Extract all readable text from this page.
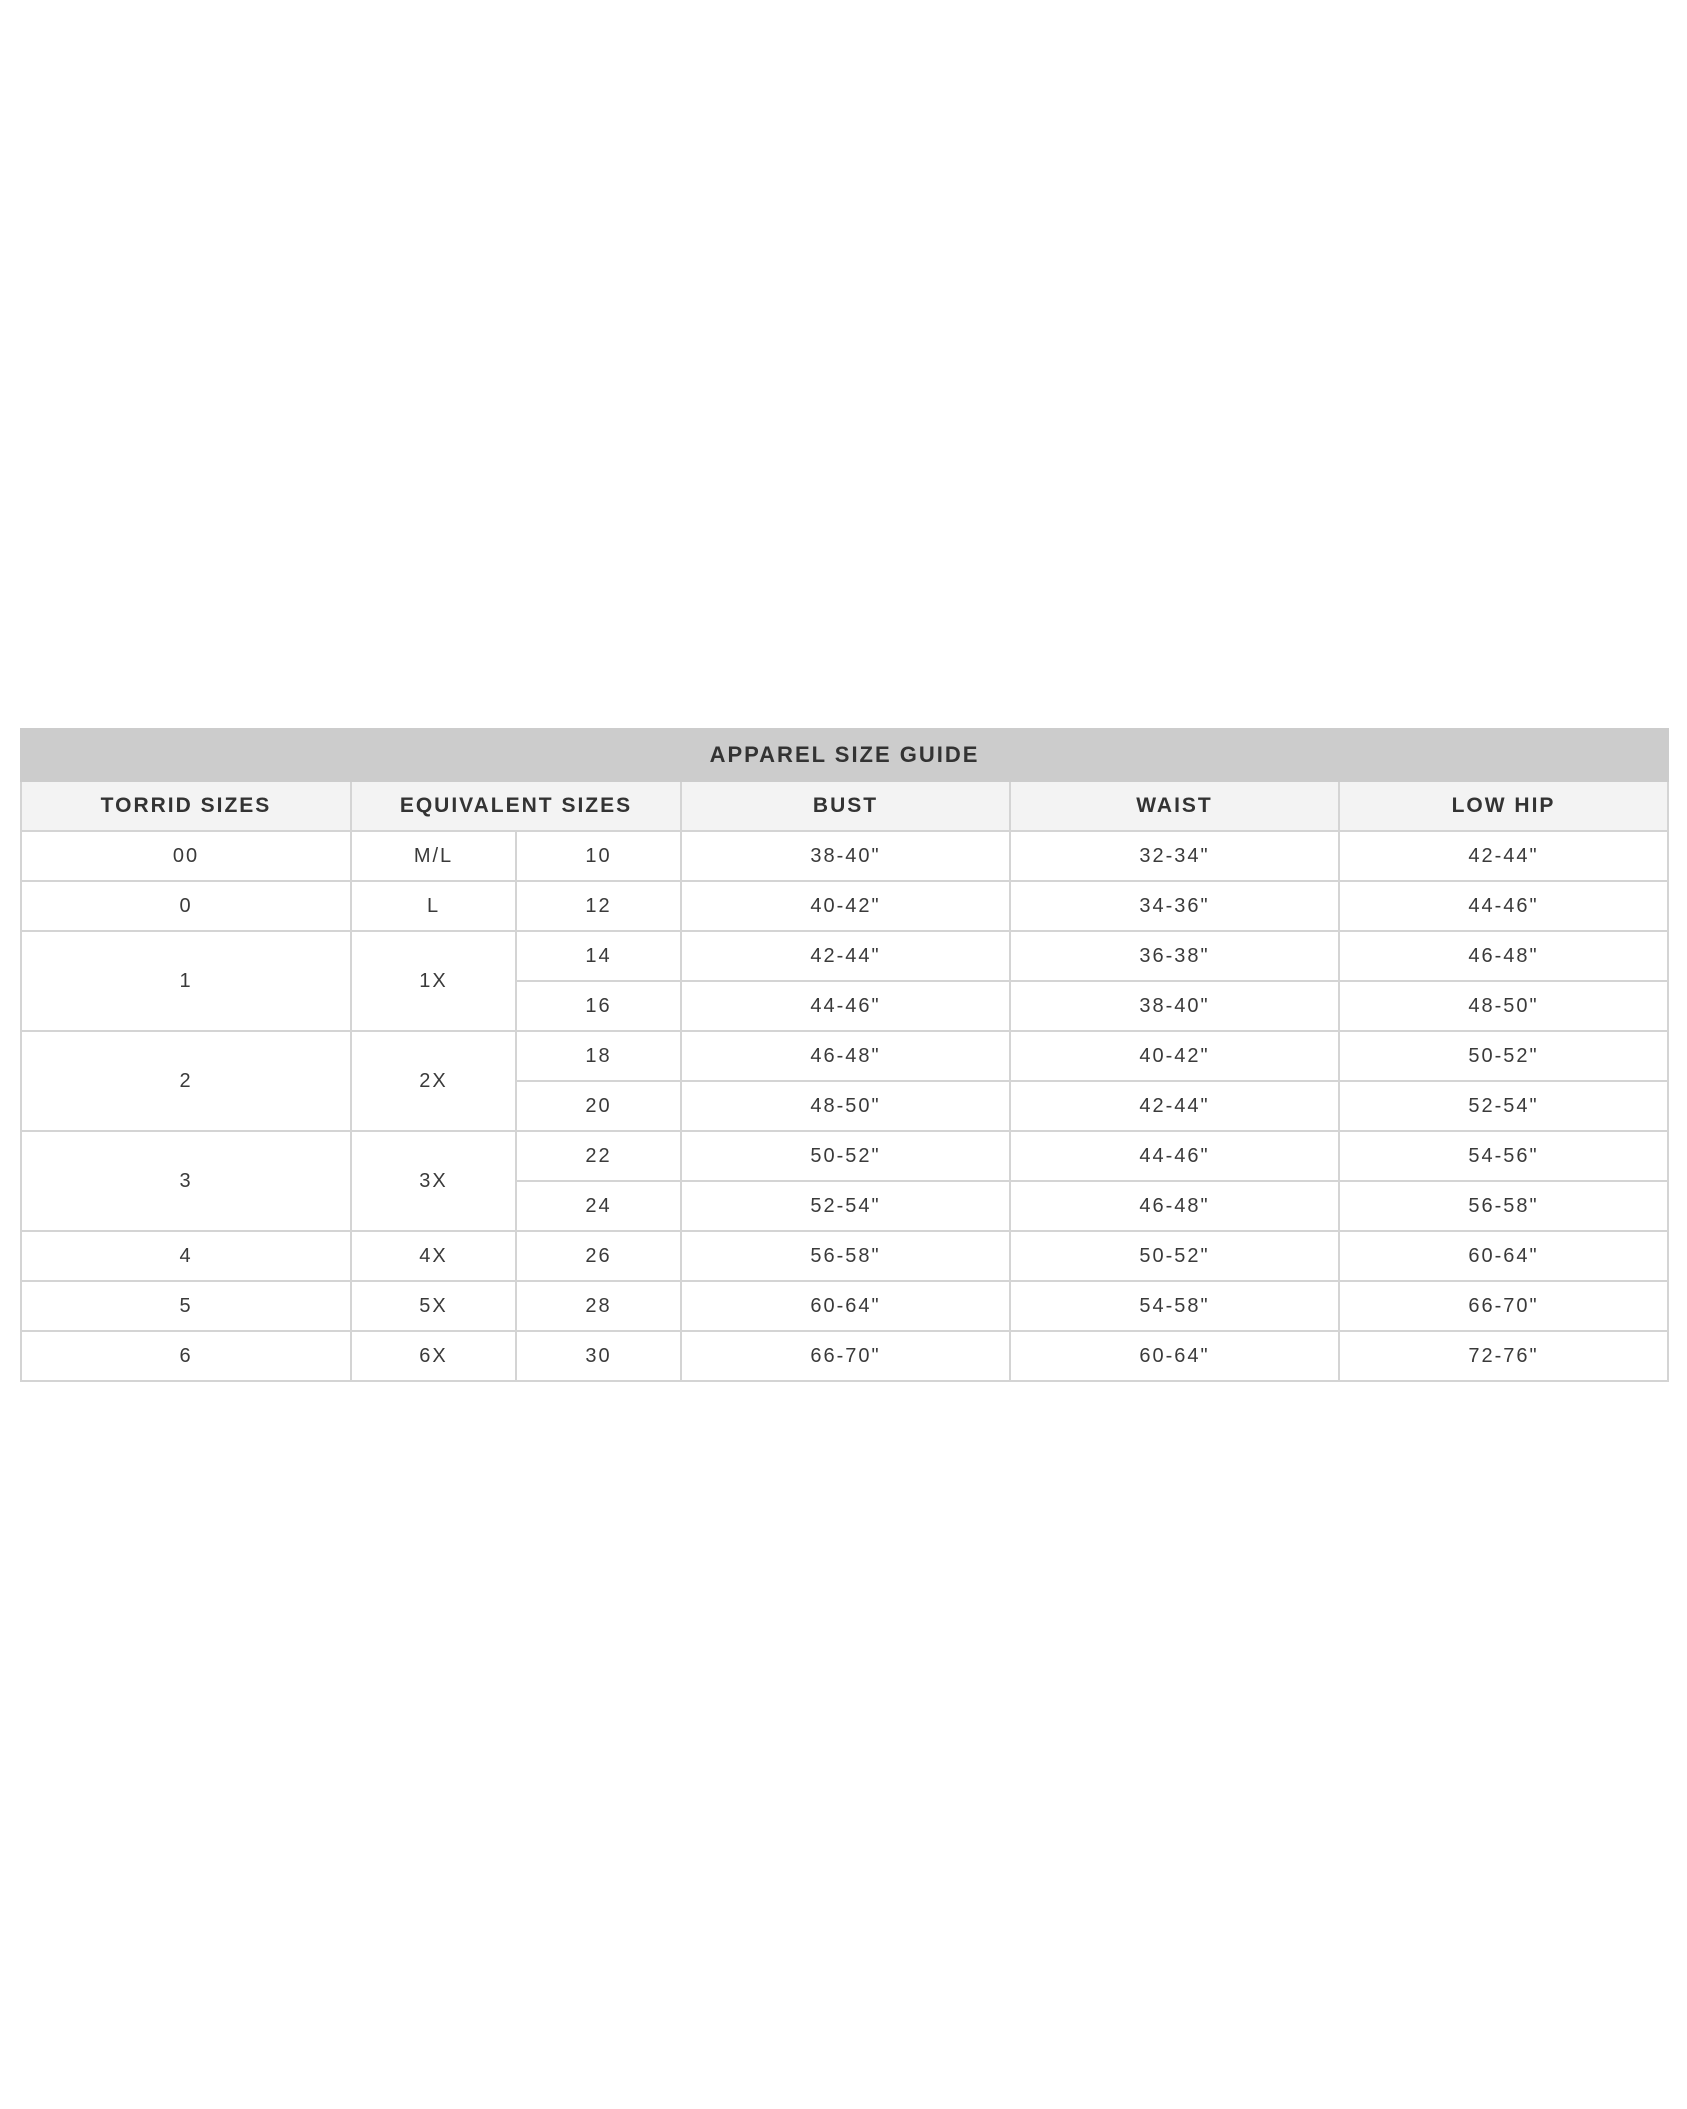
APPAREL SIZE GUIDE					
TORRID SIZES	EQUIVALENT SIZES		BUST	WAIST	LOW HIP
00	M/L	10	38-40"	32-34"	42-44"
0	L	12	40-42"	34-36"	44-46"
1	1X	14	42-44"	36-38"	46-48"
		16	44-46"	38-40"	48-50"
2	2X	18	46-48"	40-42"	50-52"
		20	48-50"	42-44"	52-54"
3	3X	22	50-52"	44-46"	54-56"
		24	52-54"	46-48"	56-58"
4	4X	26	56-58"	50-52"	60-64"
5	5X	28	60-64"	54-58"	66-70"
6	6X	30	66-70"	60-64"	72-76"
